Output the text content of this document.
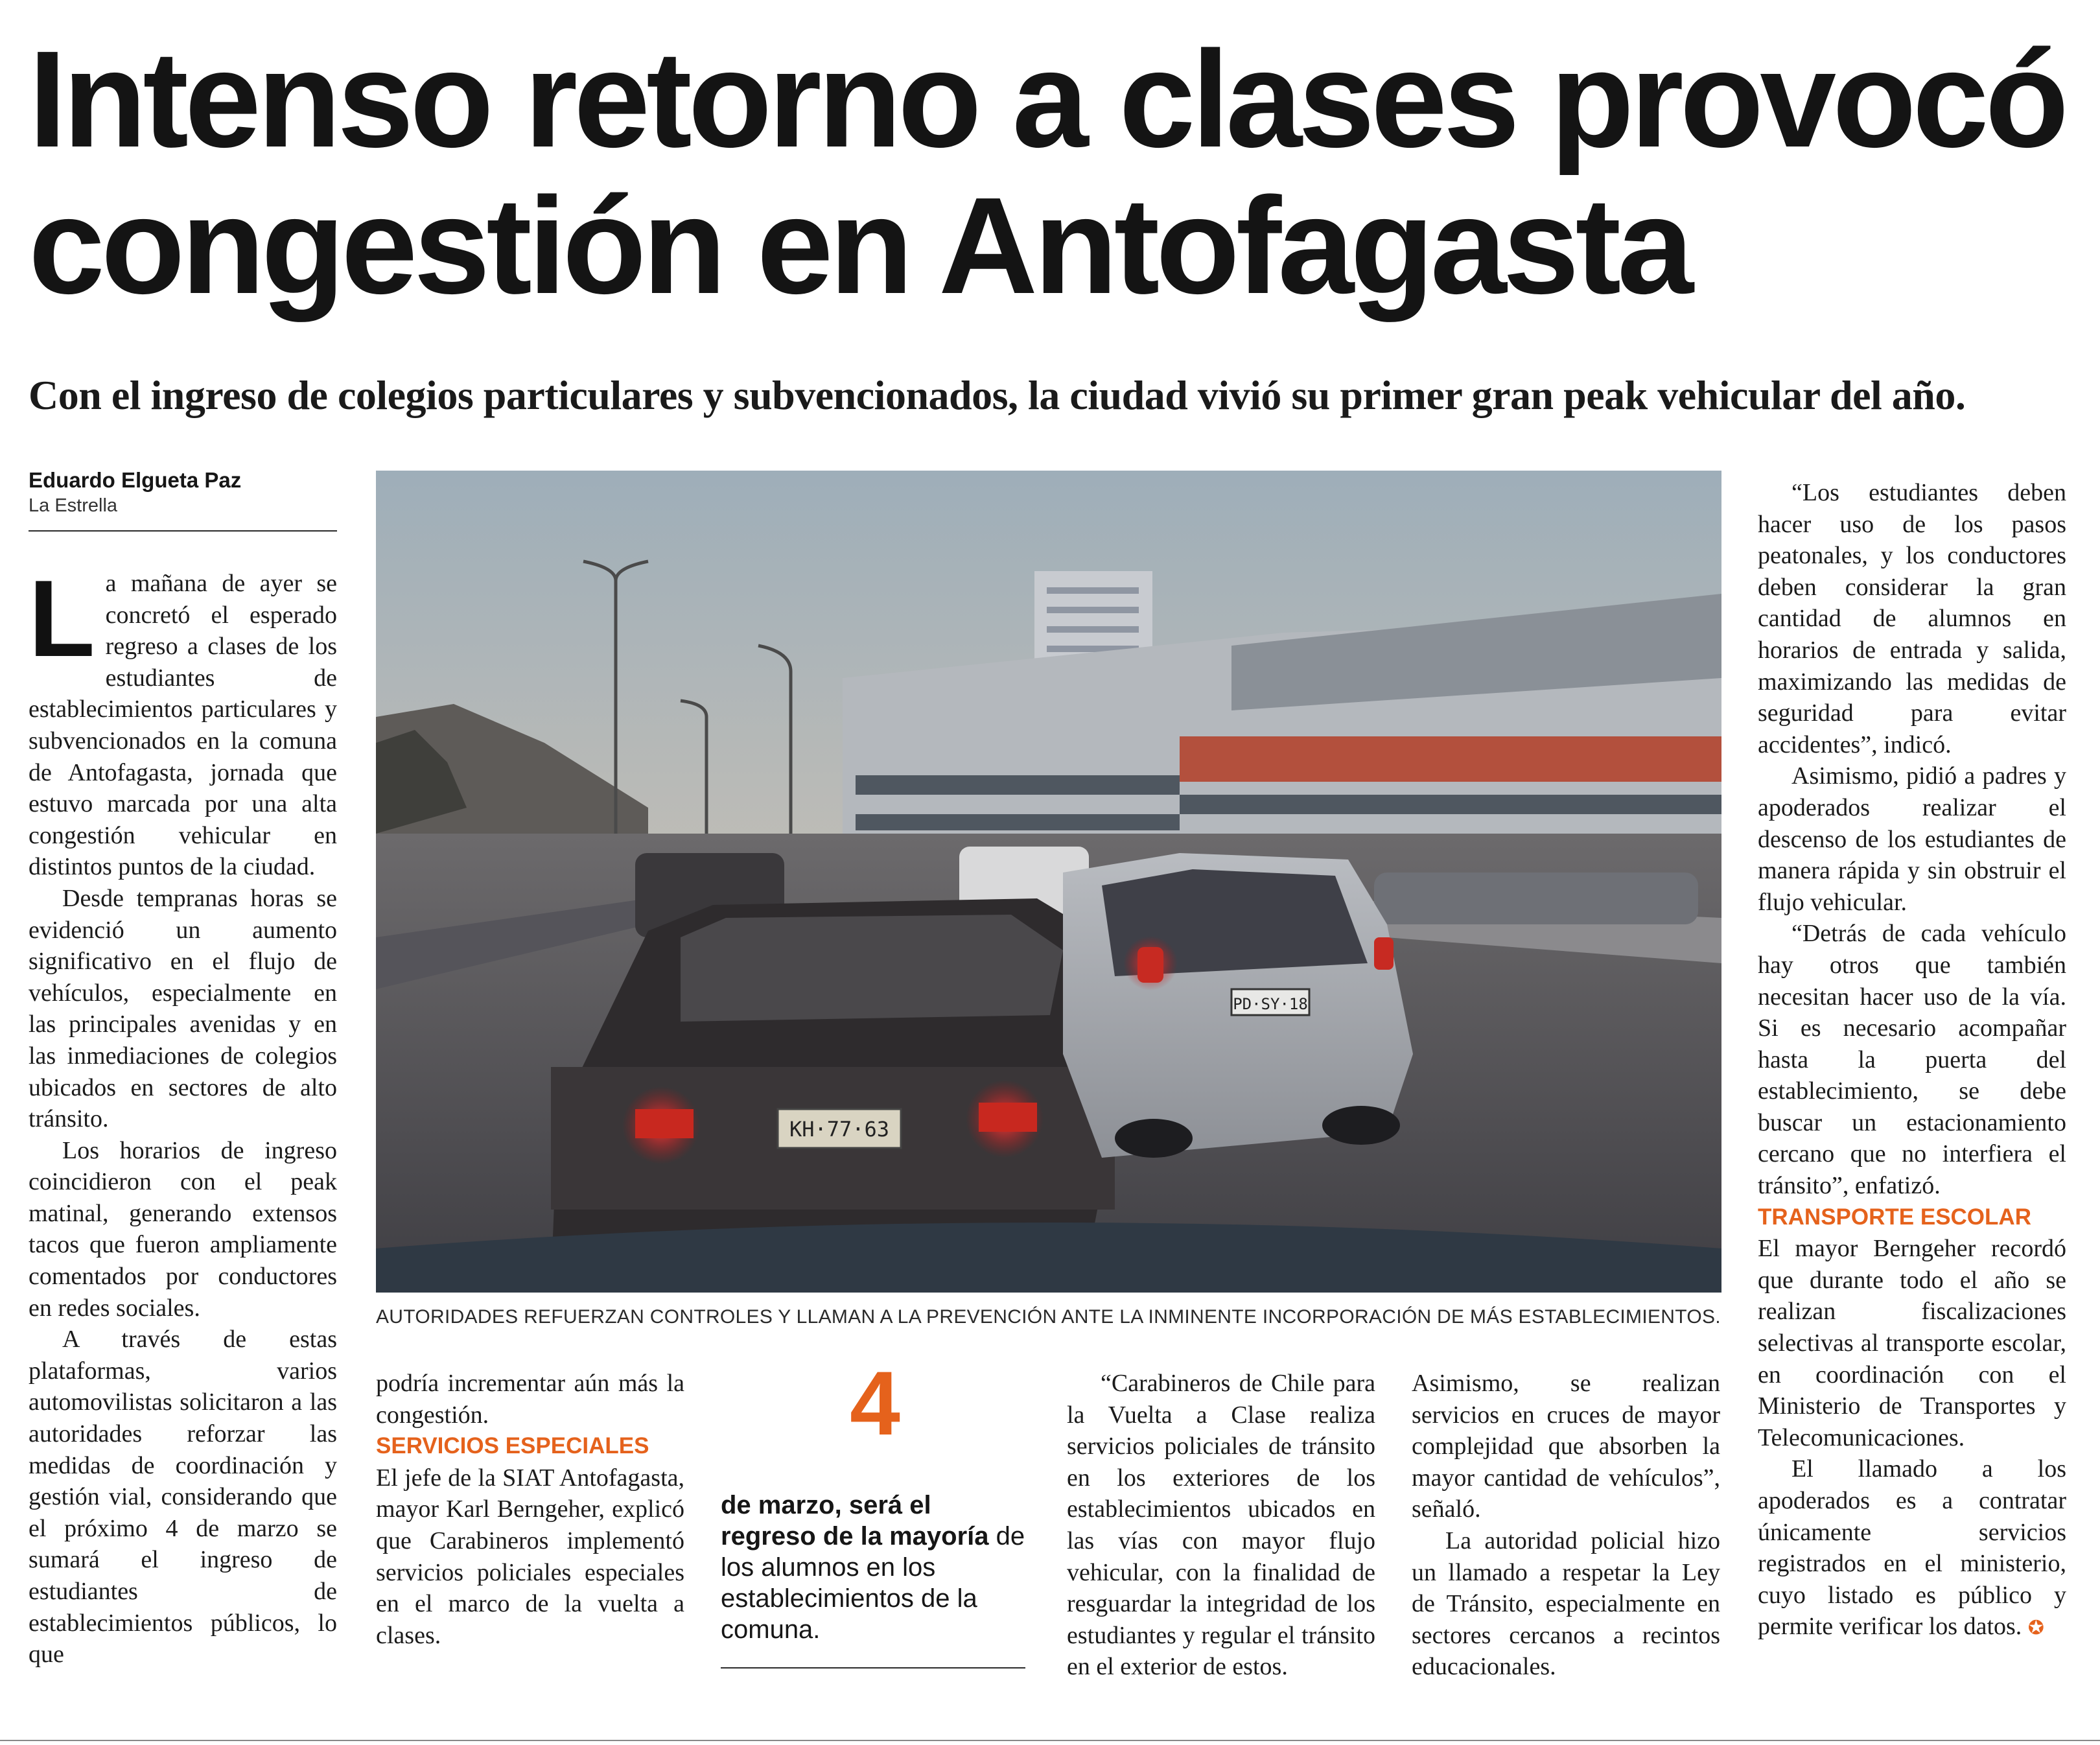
Intenso retorno a clases provocó congestión en Antofagasta
Con el ingreso de colegios particulares y subvencionados, la ciudad vivió su primer gran peak vehicular del año.
Eduardo Elgueta Paz
La Estrella

La mañana de ayer se concretó el esperado regreso a clases de los estudiantes de establecimientos particulares y subvencionados en la comuna de Antofagasta, jornada que estuvo marcada por una alta congestión vehicular en distintos puntos de la ciudad.

Desde tempranas horas se evidenció un aumento significativo en el flujo de vehículos, especialmente en las principales avenidas y en las inmediaciones de colegios ubicados en sectores de alto tránsito.

Los horarios de ingreso coincidieron con el peak matinal, generando extensos tacos que fueron ampliamente comentados por conductores en redes sociales.

A través de estas plataformas, varios automovilistas solicitaron a las autoridades reforzar las medidas de coordinación y gestión vial, considerando que el próximo 4 de marzo se sumará el ingreso de estudiantes de establecimientos públicos, lo que

KH·77·63
PD·SY·18
AUTORIDADES REFUERZAN CONTROLES Y LLAMAN A LA PREVENCIÓN ANTE LA INMINENTE INCORPORACIÓN DE MÁS ESTABLECIMIENTOS.

podría incrementar aún más la congestión.

SERVICIOS ESPECIALES

El jefe de la SIAT Antofagasta, mayor Karl Berngeher, explicó que Carabineros implementó servicios policiales especiales en el marco de la vuelta a clases.

4
de marzo, será el regreso de la mayoría de los alumnos en los establecimientos de la comuna.

“Carabineros de Chile para la Vuelta a Clase realiza servicios policiales de tránsito en los exteriores de los establecimientos ubicados en las vías con mayor flujo vehicular, con la finalidad de resguardar la integridad de los estudiantes y regular el tránsito en el exterior de estos.

Asimismo, se realizan servicios en cruces de mayor complejidad que absorben la mayor cantidad de vehículos”, señaló.

La autoridad policial hizo un llamado a respetar la Ley de Tránsito, especialmente en sectores cercanos a recintos educacionales.

“Los estudiantes deben hacer uso de los pasos peatonales, y los conductores deben considerar la gran cantidad de alumnos en horarios de entrada y salida, maximizando las medidas de seguridad para evitar accidentes”, indicó.

Asimismo, pidió a padres y apoderados realizar el descenso de los estudiantes de manera rápida y sin obstruir el flujo vehicular.

“Detrás de cada vehículo hay otros que también necesitan hacer uso de la vía. Si es necesario acompañar hasta la puerta del establecimiento, se debe buscar un estacionamiento cercano que no interfiera el tránsito”, enfatizó.

TRANSPORTE ESCOLAR

El mayor Berngeher recordó que durante todo el año se realizan fiscalizaciones selectivas al transporte escolar, en coordinación con el Ministerio de Transportes y Telecomunicaciones.

El llamado a los apoderados es a contratar únicamente servicios registrados en el ministerio, cuyo listado es público y permite verificar los datos. ✪
